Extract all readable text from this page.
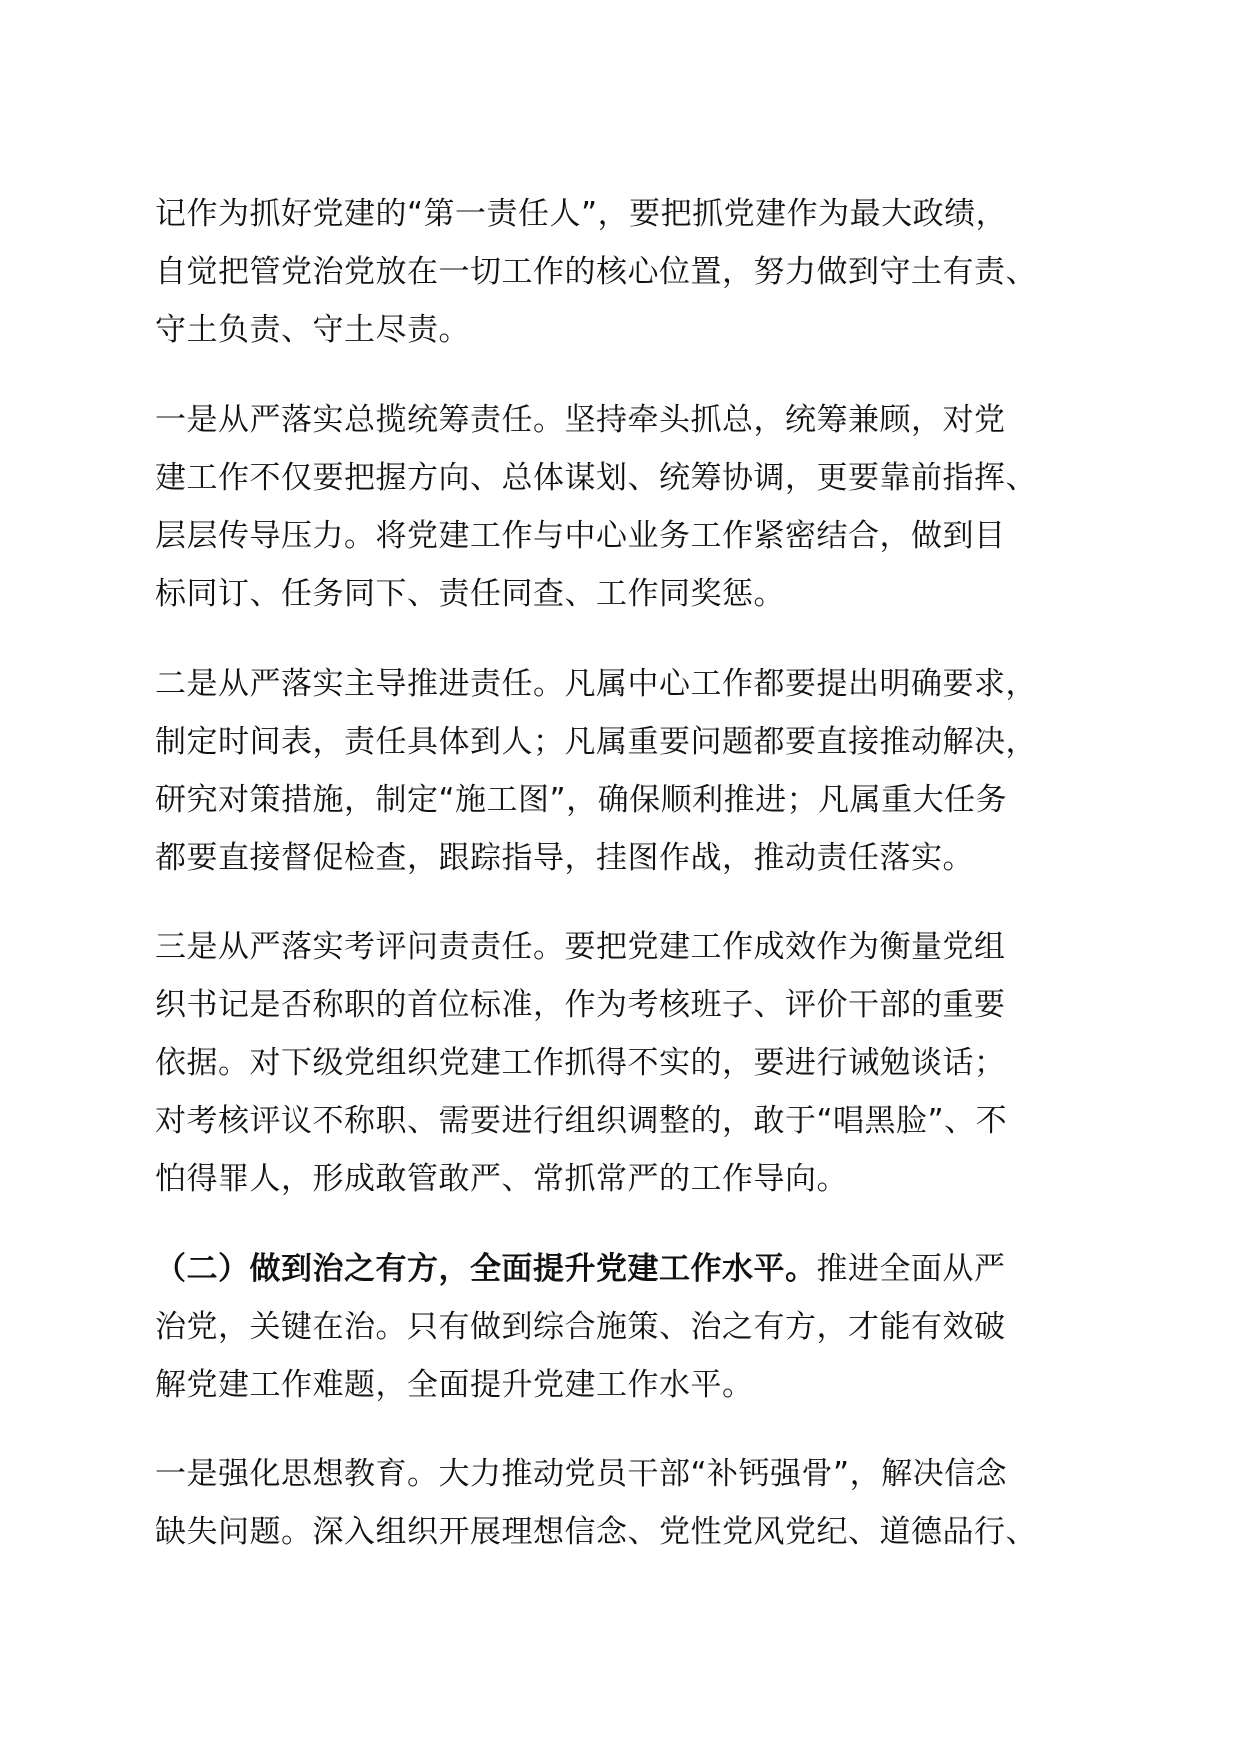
记作为抓好党建的“第一责任人”，要把抓党建作为最大政绩，
自觉把管党治党放在一切工作的核心位置，努力做到守土有责、
守土负责、守土尽责。
一是从严落实总揽统筹责任。坚持牵头抓总，统筹兼顾，对党
建工作不仅要把握方向、总体谋划、统筹协调，更要靠前指挥、
层层传导压力。将党建工作与中心业务工作紧密结合，做到目
标同订、任务同下、责任同查、工作同奖惩。
二是从严落实主导推进责任。凡属中心工作都要提出明确要求，
制定时间表，责任具体到人；凡属重要问题都要直接推动解决，
研究对策措施，制定“施工图”，确保顺利推进；凡属重大任务
都要直接督促检查，跟踪指导，挂图作战，推动责任落实。
三是从严落实考评问责责任。要把党建工作成效作为衡量党组
织书记是否称职的首位标准，作为考核班子、评价干部的重要
依据。对下级党组织党建工作抓得不实的，要进行诫勉谈话；
对考核评议不称职、需要进行组织调整的，敢于“唱黑脸”、不
怕得罪人，形成敢管敢严、常抓常严的工作导向。
（二）做到治之有方，全面提升党建工作水平。推进全面从严
治党，关键在治。只有做到综合施策、治之有方，才能有效破
解党建工作难题，全面提升党建工作水平。
一是强化思想教育。大力推动党员干部“补钙强骨”，解决信念
缺失问题。深入组织开展理想信念、党性党风党纪、道德品行、
